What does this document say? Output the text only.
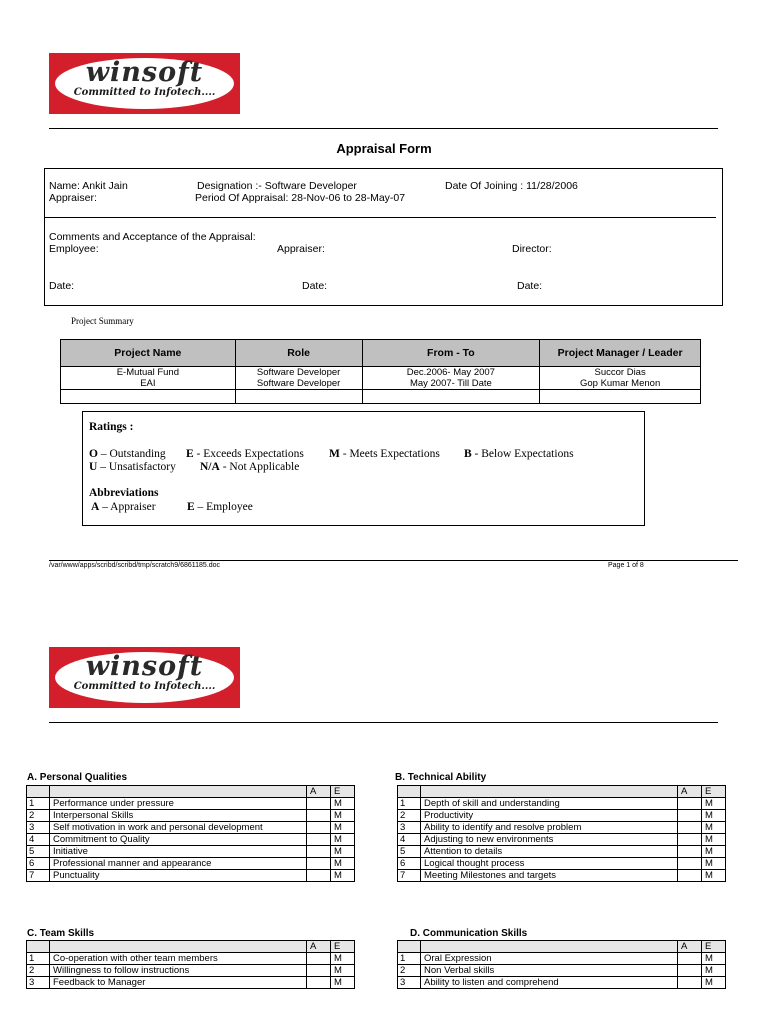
winsoft
Committed to Infotech....
Appraisal Form
Name: Ankit Jain	Designation :- Software Developer	Date Of Joining : 11/28/2006
Appraiser:	Period Of Appraisal: 28-Nov-06 to 28-May-07
Comments and Acceptance of the Appraisal:
Employee:	Appraiser:	Director:
Date:	Date:	Date:
Project Summary
Project Name	Role	From - To	Project Manager / Leader
E-Mutual Fund	Software Developer	Dec.2006- May 2007	Succor Dias
EAI	Software Developer	May 2007- Till Date	Gop Kumar Menon

Ratings :
O – Outstanding E - Exceeds Expectations M - Meets Expectations B - Below Expectations
U – Unsatisfactory N/A - Not Applicable
Abbreviations
A – Appraiser	E – Employee
/var/www/apps/scribd/scribd/tmp/scratch9/6861185.doc	Page 1 of 8
winsoft
Committed to Infotech....
A. Personal Qualities
		A	E
1	Performance under pressure		M
2	Interpersonal Skills		M
3	Self motivation in work and personal development		M
4	Commitment to Quality		M
5	Initiative		M
6	Professional manner and appearance		M
7	Punctuality		M
B. Technical Ability
		A	E
1	Depth of skill and understanding		M
2	Productivity		M
3	Ability to identify and resolve problem		M
4	Adjusting to new environments		M
5	Attention to details		M
6	Logical thought process		M
7	Meeting Milestones and targets		M
C. Team Skills
		A	E
1	Co-operation with other team members		M
2	Willingness to follow instructions		M
3	Feedback to Manager		M
D. Communication Skills
		A	E
1	Oral Expression		M
2	Non Verbal skills		M
3	Ability to listen and comprehend		M
